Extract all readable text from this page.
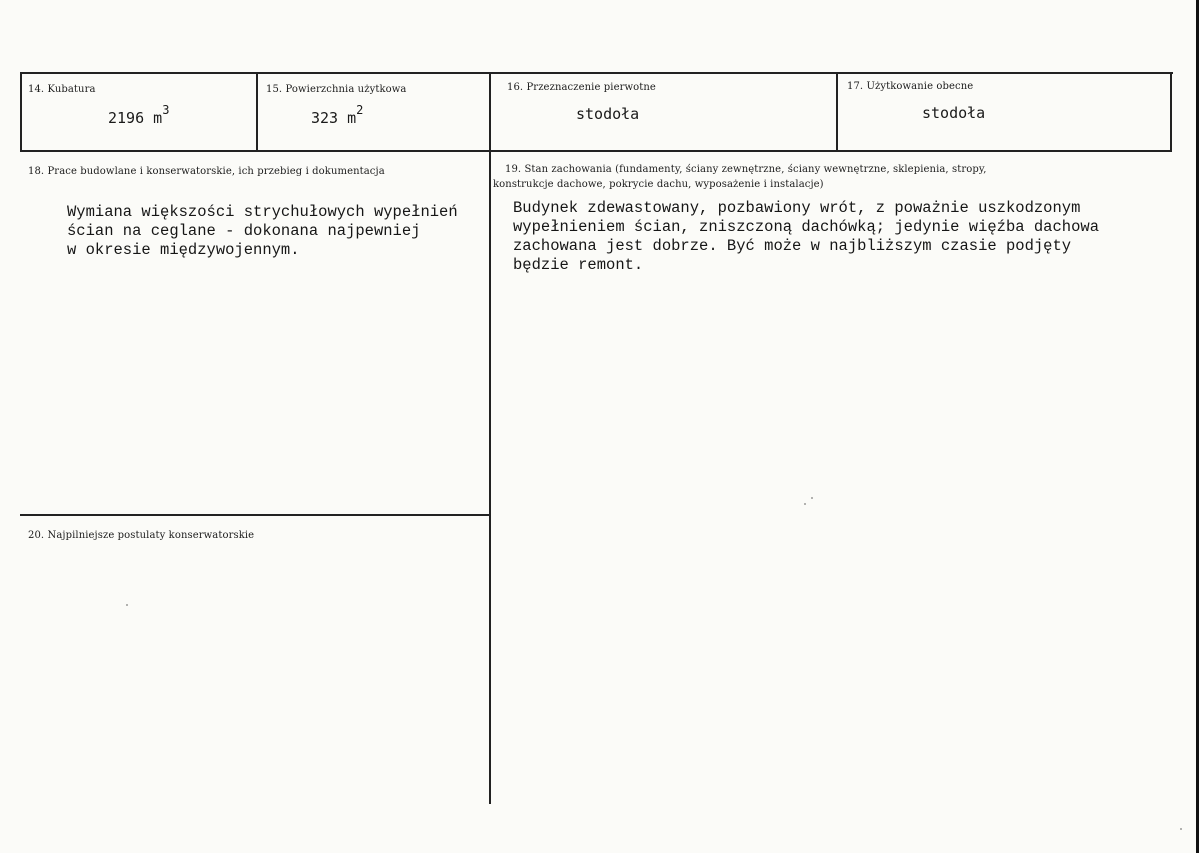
14. Kubatura
2196 $m^3$
15. Powierzchnia użytkowa
323 $m^2$
16. Przeznaczenie pierwotne
stodoła
17. Użytkowanie obecne
stodoła
18. Prace budowlane i konserwatorskie, ich przebieg i dokumentacja
Wymiana większości strychułowych wypełnień
ścian na ceglane - dokonana najpewniej
w okresie międzywojennym.
19. Stan zachowania (fundamenty, ściany zewnętrzne, ściany wewnętrzne, sklepienia, stropy,
konstrukcje dachowe, pokrycie dachu, wyposażenie i instalacje)
Budynek zdewastowany, pozbawiony wrót, z poważnie uszkodzonym
wypełnieniem ścian, zniszczoną dachówką; jedynie więźba dachowa
zachowana jest dobrze. Być może w najbliższym czasie podjęty
będzie remont.
20. Najpilniejsze postulaty konserwatorskie
